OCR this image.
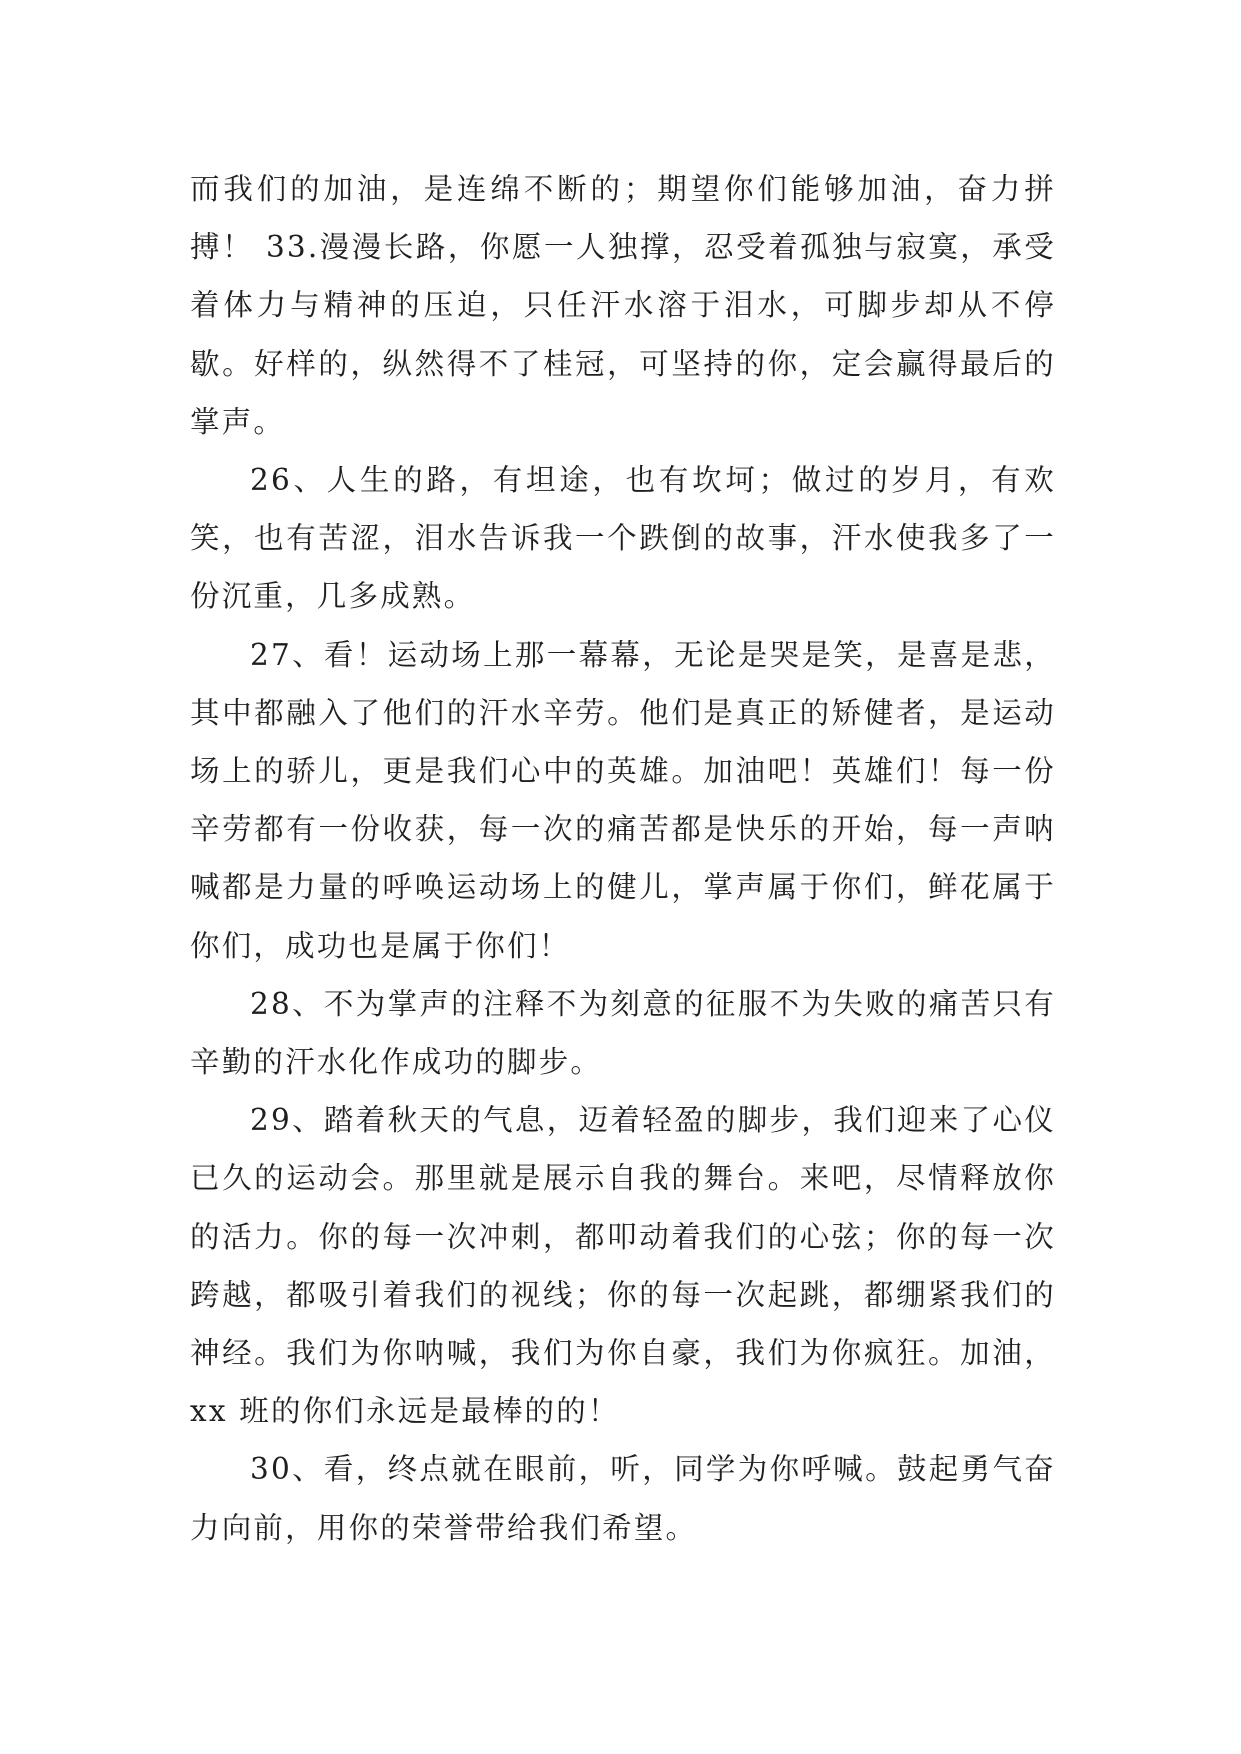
而我们的加油，是连绵不断的；期望你们能够加油，奋力拼搏！ 33.漫漫长路，你愿一人独撑，忍受着孤独与寂寞，承受着体力与精神的压迫，只任汗水溶于泪水，可脚步却从不停歇。好样的，纵然得不了桂冠，可坚持的你，定会赢得最后的掌声。

26、人生的路，有坦途，也有坎坷；做过的岁月，有欢笑，也有苦涩，泪水告诉我一个跌倒的故事，汗水使我多了一份沉重，几多成熟。

27、看！运动场上那一幕幕，无论是哭是笑，是喜是悲，其中都融入了他们的汗水辛劳。他们是真正的矫健者，是运动场上的骄儿，更是我们心中的英雄。加油吧！英雄们！每一份辛劳都有一份收获，每一次的痛苦都是快乐的开始，每一声呐喊都是力量的呼唤运动场上的健儿，掌声属于你们，鲜花属于你们，成功也是属于你们！

28、不为掌声的注释不为刻意的征服不为失败的痛苦只有辛勤的汗水化作成功的脚步。

29、踏着秋天的气息，迈着轻盈的脚步，我们迎来了心仪已久的运动会。那里就是展示自我的舞台。来吧，尽情释放你的活力。你的每一次冲刺，都叩动着我们的心弦；你的每一次跨越，都吸引着我们的视线；你的每一次起跳，都绷紧我们的神经。我们为你呐喊，我们为你自豪，我们为你疯狂。加油，xx 班的你们永远是最棒的的！

30、看，终点就在眼前，听，同学为你呼喊。鼓起勇气奋力向前，用你的荣誉带给我们希望。
